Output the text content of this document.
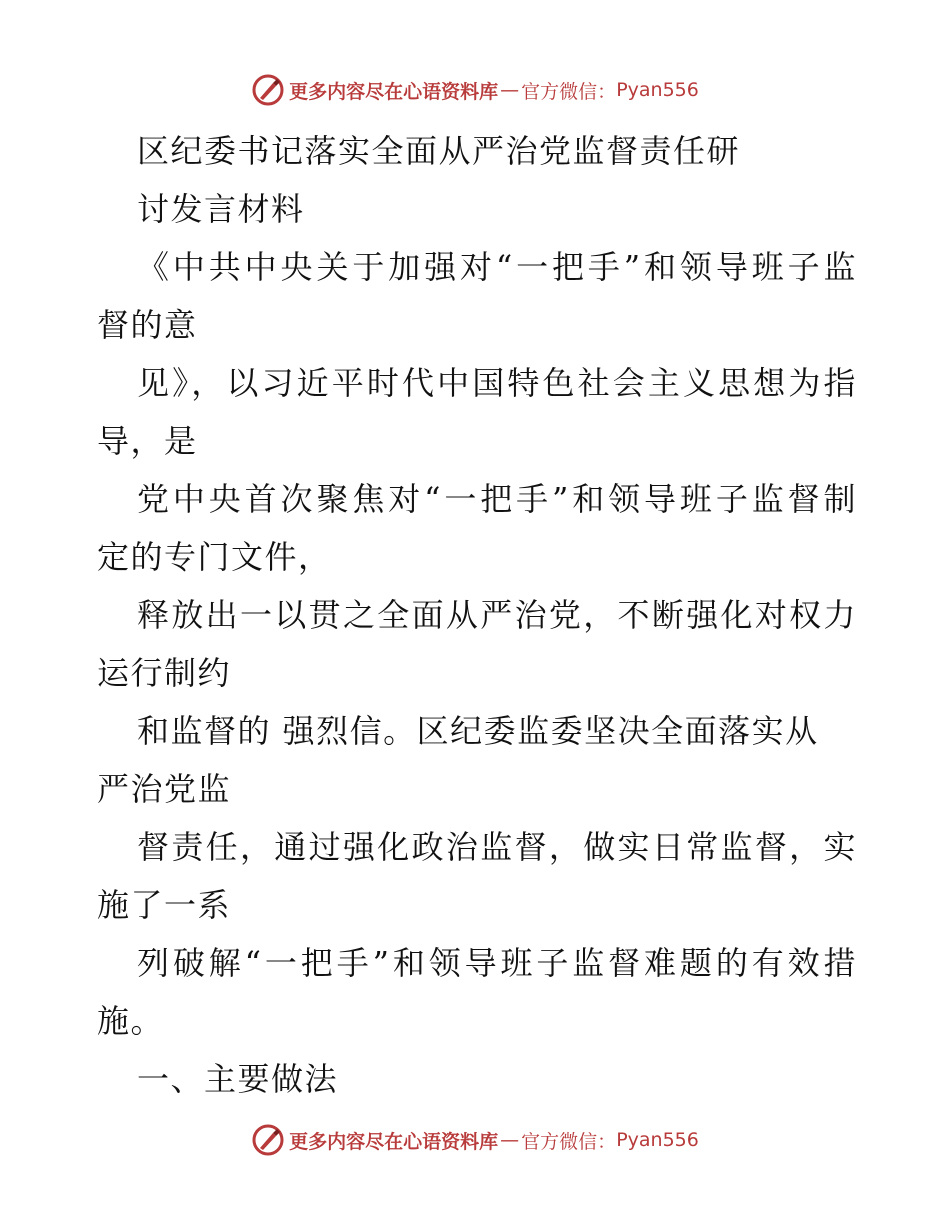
更多内容尽在心语资料库 — 官方微信： Pyan556
区纪委书记落实全面从严治党监督责任研
讨发言材料
《中共中央关于加强对“一把手”和领导班子监
督的意
见》，以习近平时代中国特色社会主义思想为指
导，是
党中央首次聚焦对“一把手”和领导班子监督制
定的专门文件，
释放出一以贯之全面从严治党，不断强化对权力
运行制约
和监督的 强烈信。区纪委监委坚决全面落实从
严治党监
督责任，通过强化政治监督，做实日常监督，实
施了一系
列破解“一把手”和领导班子监督难题的有效措
施。
一、主要做法
更多内容尽在心语资料库 — 官方微信： Pyan556
